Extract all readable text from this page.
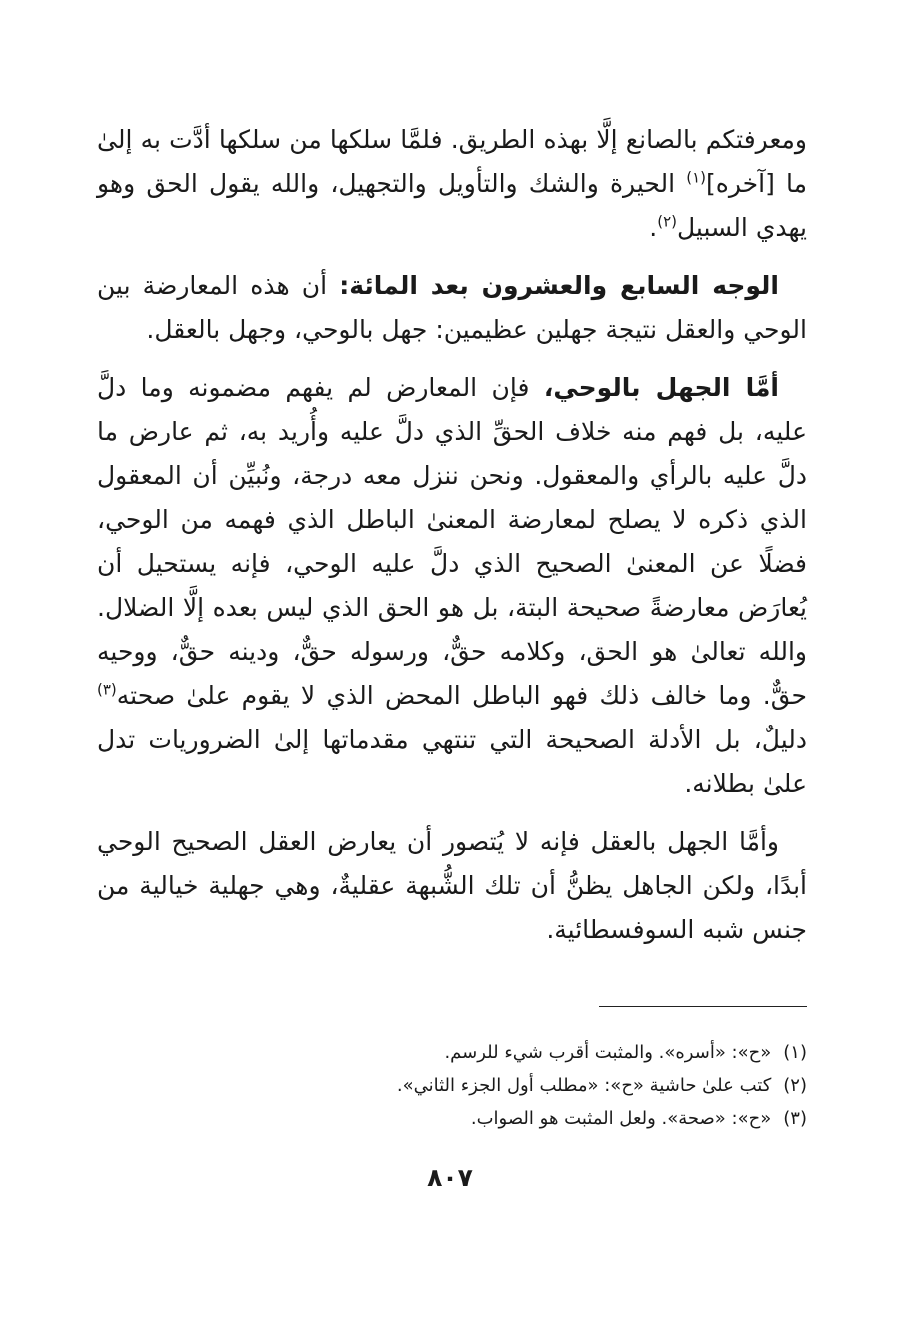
ومعرفتكم بالصانع إلَّا بهذه الطريق. فلمَّا سلكها من سلكها أدَّت به إلىٰ ما [آخره]$^{(١)}$ الحيرة والشك والتأويل والتجهيل، والله يقول الحق وهو يهدي السبيل$^{(٢)}$.

الوجه السابع والعشرون بعد المائة: أن هذه المعارضة بين الوحي والعقل نتيجة جهلين عظيمين: جهل بالوحي، وجهل بالعقل.

أمَّا الجهل بالوحي، فإن المعارض لم يفهم مضمونه وما دلَّ عليه، بل فهم منه خلاف الحقِّ الذي دلَّ عليه وأُريد به، ثم عارض ما دلَّ عليه بالرأي والمعقول. ونحن ننزل معه درجة، ونُبيِّن أن المعقول الذي ذكره لا يصلح لمعارضة المعنىٰ الباطل الذي فهمه من الوحي، فضلًا عن المعنىٰ الصحيح الذي دلَّ عليه الوحي، فإنه يستحيل أن يُعارَض معارضةً صحيحة البتة، بل هو الحق الذي ليس بعده إلَّا الضلال. والله تعالىٰ هو الحق، وكلامه حقٌّ، ورسوله حقٌّ، ودينه حقٌّ، ووحيه حقٌّ. وما خالف ذلك فهو الباطل المحض الذي لا يقوم علىٰ صحته$^{(٣)}$ دليلٌ، بل الأدلة الصحيحة التي تنتهي مقدماتها إلىٰ الضروريات تدل علىٰ بطلانه.

وأمَّا الجهل بالعقل فإنه لا يُتصور أن يعارض العقل الصحيح الوحي أبدًا، ولكن الجاهل يظنُّ أن تلك الشُّبهة عقليةٌ، وهي جهلية خيالية من جنس شبه السوفسطائية.

(١)«ح»: «أسره». والمثبت أقرب شيء للرسم.
(٢)كتب علىٰ حاشية «ح»: «مطلب أول الجزء الثاني».
(٣)«ح»: «صحة». ولعل المثبت هو الصواب.
٨٠٧
